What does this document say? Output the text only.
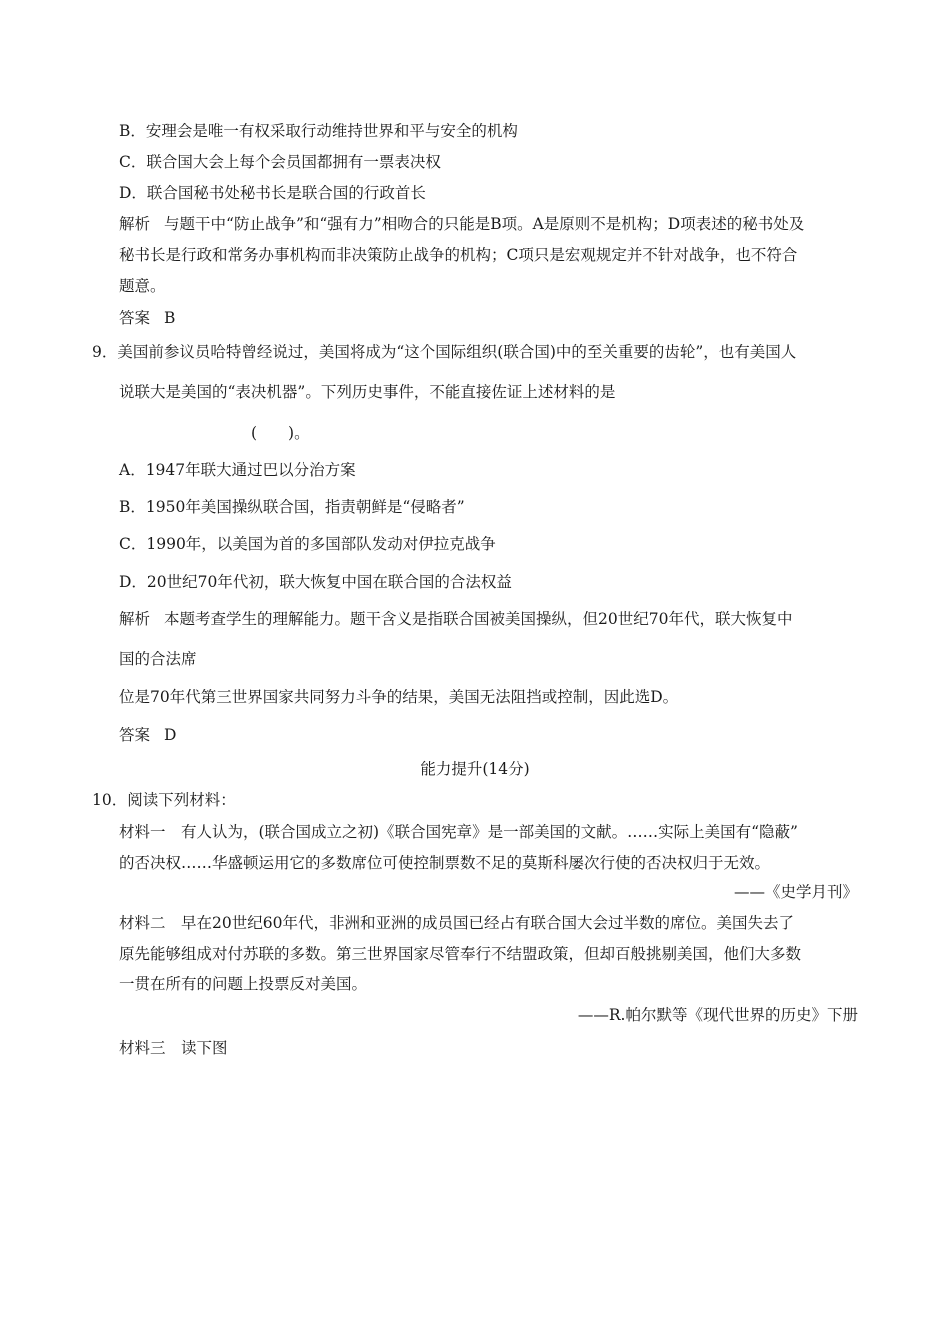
B．安理会是唯一有权采取行动维持世界和平与安全的机构
C．联合国大会上每个会员国都拥有一票表决权
D．联合国秘书处秘书长是联合国的行政首长
解析 与题干中“防止战争”和“强有力”相吻合的只能是B项。A是原则不是机构；D项表述的秘书处及
秘书长是行政和常务办事机构而非决策防止战争的机构；C项只是宏观规定并不针对战争，也不符合
题意。
答案 B
9．美国前参议员哈特曾经说过，美国将成为“这个国际组织(联合国)中的至关重要的齿轮”，也有美国人
说联大是美国的“表决机器”。下列历史事件，不能直接佐证上述材料的是
(　　)。
A．1947年联大通过巴以分治方案
B．1950年美国操纵联合国，指责朝鲜是“侵略者”
C．1990年，以美国为首的多国部队发动对伊拉克战争
D．20世纪70年代初，联大恢复中国在联合国的合法权益
解析 本题考查学生的理解能力。题干含义是指联合国被美国操纵，但20世纪70年代，联大恢复中
国的合法席
位是70年代第三世界国家共同努力斗争的结果，美国无法阻挡或控制，因此选D。
答案 D
能力提升(14分)
10．阅读下列材料：
材料一　有人认为，(联合国成立之初)《联合国宪章》是一部美国的文献。……实际上美国有“隐蔽”
的否决权……华盛顿运用它的多数席位可使控制票数不足的莫斯科屡次行使的否决权归于无效。
——《史学月刊》
材料二　早在20世纪60年代，非洲和亚洲的成员国已经占有联合国大会过半数的席位。美国失去了
原先能够组成对付苏联的多数。第三世界国家尽管奉行不结盟政策，但却百般挑剔美国，他们大多数
一贯在所有的问题上投票反对美国。
——R.帕尔默等《现代世界的历史》下册
材料三　读下图
